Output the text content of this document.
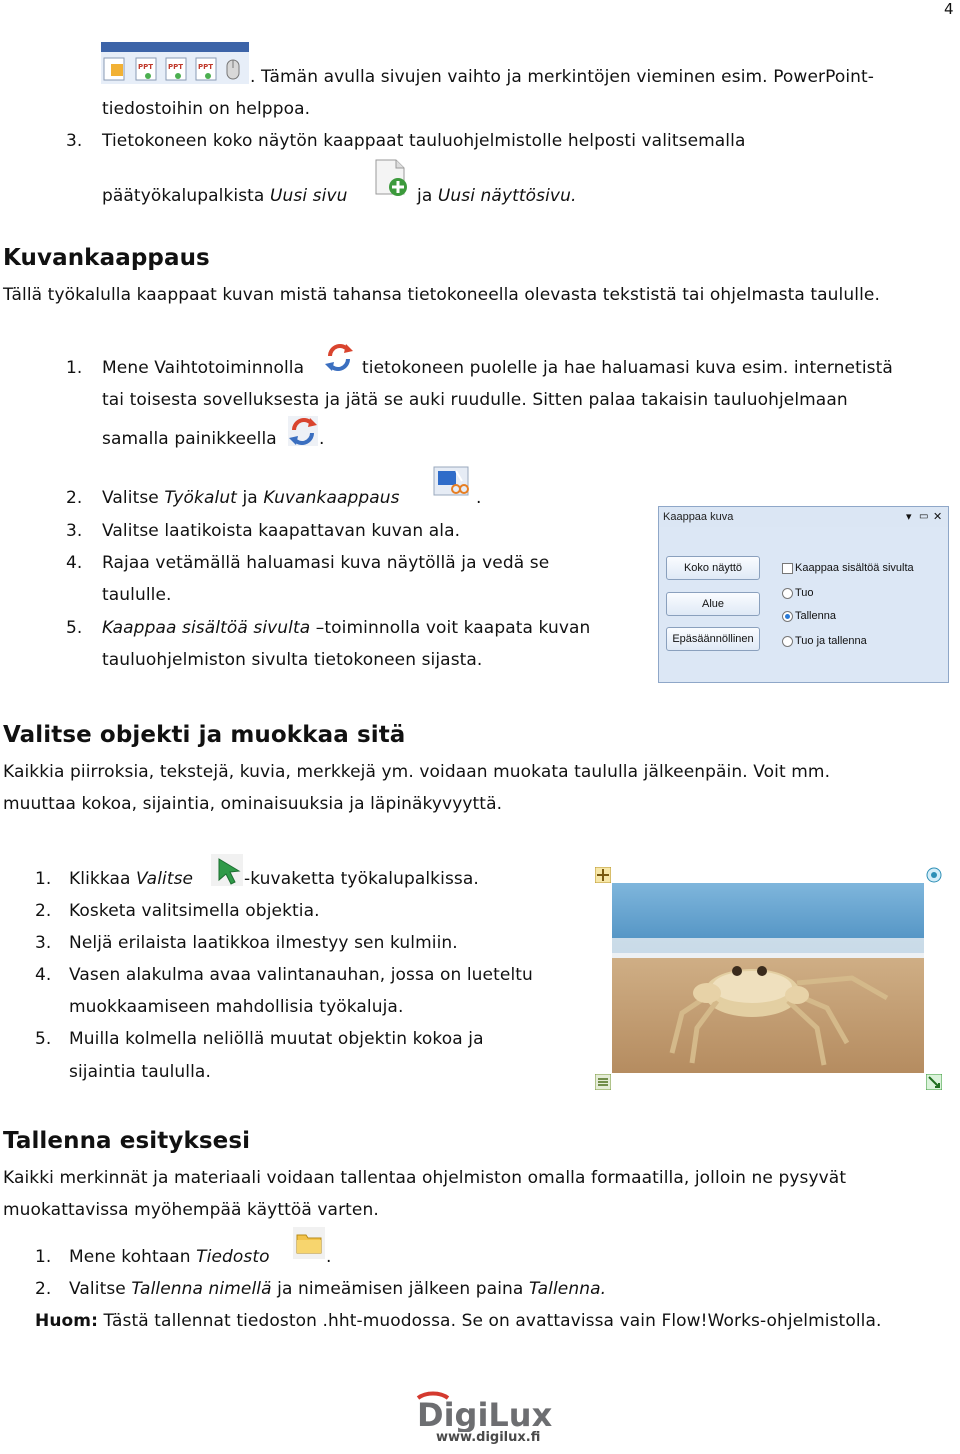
4
PPT PPT PPT . Tämän avulla sivujen vaihto ja merkintöjen vieminen esim. PowerPoint-
tiedostoihin on helppoa.
3. Tietokoneen koko näytön kaappaat tauluohjelmistolle helposti valitsemalla
päätyökalupalkista Uusi sivu	ja Uusi näyttösivu.
Kuvankaappaus
Tällä työkalulla kaappaat kuvan mistä tahansa tietokoneella olevasta tekstistä tai ohjelmasta taululle.
1. Mene Vaihtotoiminnolla	tietokoneen puolelle ja hae haluamasi kuva esim. internetistä
tai toisesta sovelluksesta ja jätä se auki ruudulle. Sitten palaa takaisin tauluohjelmaan
samalla painikkeella .
2. Valitse Työkalut ja Kuvankaappaus	.
3. Valitse laatikoista kaapattavan kuvan ala.
4. Rajaa vetämällä haluamasi kuva näytöllä ja vedä se
taululle.
5. Kaappaa sisältöä sivulta –toiminnolla voit kaapata kuvan
tauluohjelmiston sivulta tietokoneen sijasta.
Kaappaa kuva	▾ ▭ ✕
Koko näyttö
Alue
Epäsäännöllinen
Kaappaa sisältöä sivulta
Tuo
Tallenna
Tuo ja tallenna
Valitse objekti ja muokkaa sitä
Kaikkia piirroksia, tekstejä, kuvia, merkkejä ym. voidaan muokata taululla jälkeenpäin. Voit mm.
muuttaa kokoa, sijaintia, ominaisuuksia ja läpinäkyvyyttä.
1. Klikkaa Valitse	-kuvaketta työkalupalkissa.
2. Kosketa valitsimella objektia.
3. Neljä erilaista laatikkoa ilmestyy sen kulmiin.
4. Vasen alakulma avaa valintanauhan, jossa on lueteltu
muokkaamiseen mahdollisia työkaluja.
5. Muilla kolmella neliöllä muutat objektin kokoa ja
sijaintia taululla.
Tallenna esityksesi
Kaikki merkinnät ja materiaali voidaan tallentaa ohjelmiston omalla formaatilla, jolloin ne pysyvät
muokattavissa myöhempää käyttöä varten.
1. Mene kohtaan Tiedosto	.
2. Valitse Tallenna nimellä ja nimeämisen jälkeen paina Tallenna.
Huom: Tästä tallennat tiedoston .hht-muodossa. Se on avattavissa vain Flow!Works-ohjelmistolla.
DigiLux
www.digilux.fi
